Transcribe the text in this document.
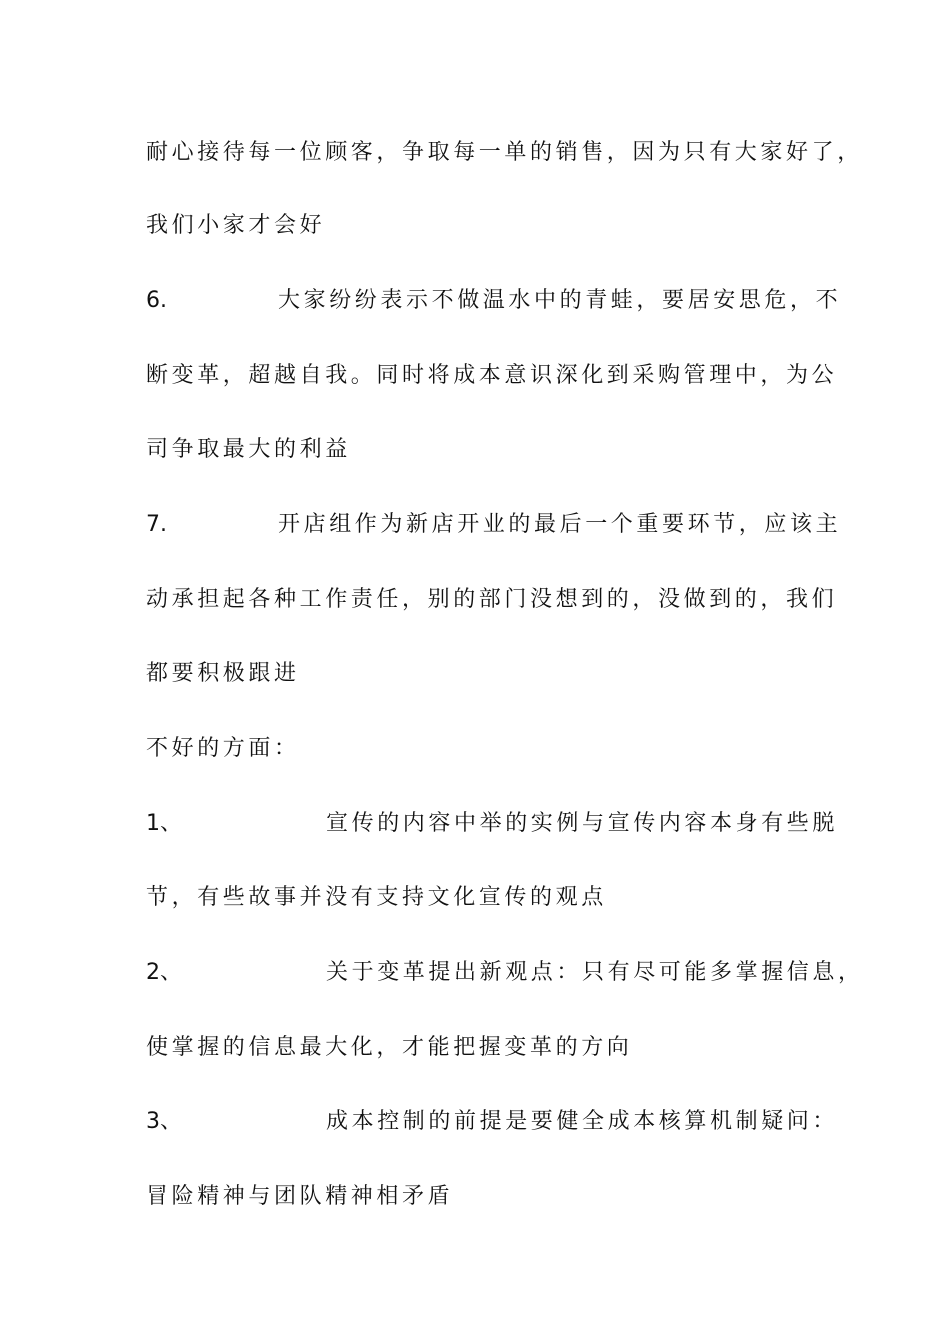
耐心接待每一位顾客，争取每一单的销售，因为只有大家好了，
我们小家才会好
6.	大家纷纷表示不做温水中的青蛙，要居安思危，不
断变革，超越自我。同时将成本意识深化到采购管理中，为公
司争取最大的利益
7.	开店组作为新店开业的最后一个重要环节，应该主
动承担起各种工作责任，别的部门没想到的，没做到的，我们
都要积极跟进
不好的方面：
1、	宣传的内容中举的实例与宣传内容本身有些脱
节，有些故事并没有支持文化宣传的观点
2、	关于变革提出新观点：只有尽可能多掌握信息，
使掌握的信息最大化，才能把握变革的方向
3、	成本控制的前提是要健全成本核算机制疑问：
冒险精神与团队精神相矛盾
